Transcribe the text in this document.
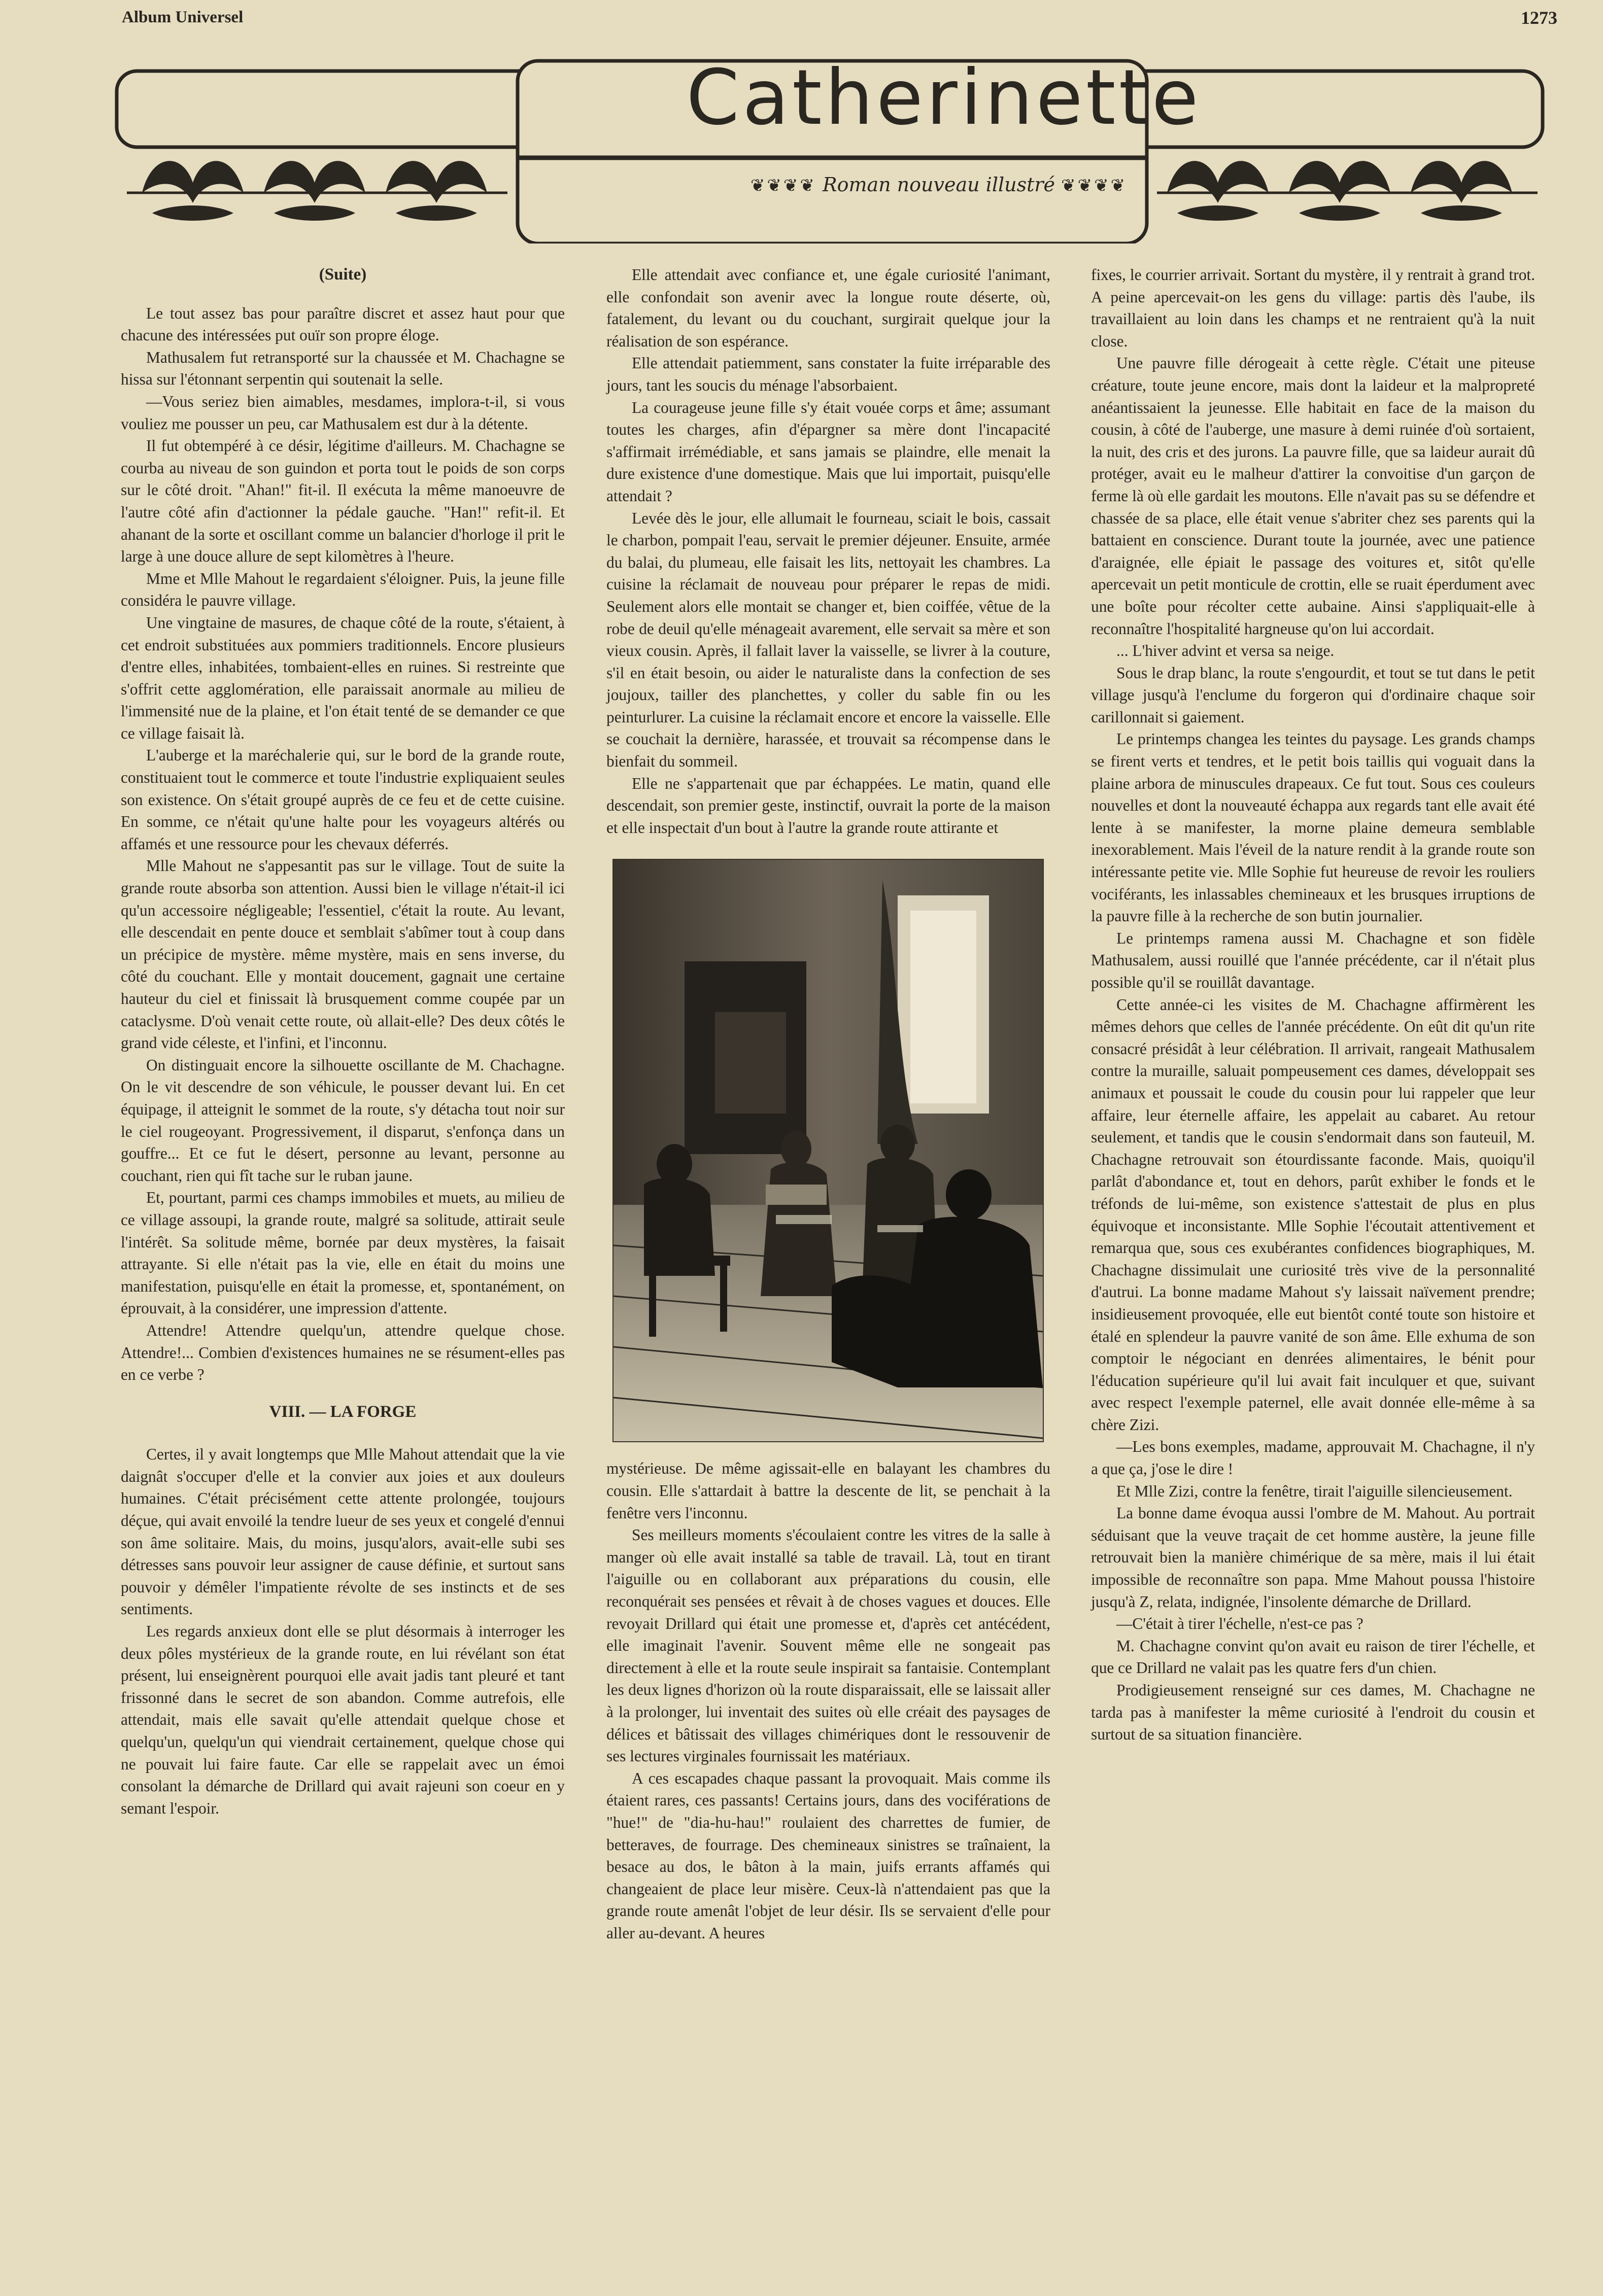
Album Universel	1273
Catherinette
❦❦❦❦ Roman nouveau illustré ❦❦❦❦

(Suite)

Le tout assez bas pour paraître discret et assez haut pour que chacune des intéressées put ouïr son propre éloge.

Mathusalem fut retransporté sur la chaussée et M. Chachagne se hissa sur l'étonnant serpentin qui soutenait la selle.

—Vous seriez bien aimables, mesdames, implora-t-il, si vous vouliez me pousser un peu, car Mathusalem est dur à la détente.

Il fut obtempéré à ce désir, légitime d'ailleurs. M. Chachagne se courba au niveau de son guindon et porta tout le poids de son corps sur le côté droit. "Ahan!" fit-il. Il exécuta la même manoeuvre de l'autre côté afin d'actionner la pédale gauche. "Han!" refit-il. Et ahanant de la sorte et oscillant comme un balancier d'horloge il prit le large à une douce allure de sept kilomètres à l'heure.

Mme et Mlle Mahout le regardaient s'éloigner. Puis, la jeune fille considéra le pauvre village.

Une vingtaine de masures, de chaque côté de la route, s'étaient, à cet endroit substituées aux pommiers traditionnels. Encore plusieurs d'entre elles, inhabitées, tombaient-elles en ruines. Si restreinte que s'offrit cette agglomération, elle paraissait anormale au milieu de l'immensité nue de la plaine, et l'on était tenté de se demander ce que ce village faisait là.

L'auberge et la maréchalerie qui, sur le bord de la grande route, constituaient tout le commerce et toute l'industrie expliquaient seules son existence. On s'était groupé auprès de ce feu et de cette cuisine. En somme, ce n'était qu'une halte pour les voyageurs altérés ou affamés et une ressource pour les chevaux déferrés.

Mlle Mahout ne s'appesantit pas sur le village. Tout de suite la grande route absorba son attention. Aussi bien le village n'était-il ici qu'un accessoire négligeable; l'essentiel, c'était la route. Au levant, elle descendait en pente douce et semblait s'abîmer tout à coup dans un précipice de mystère. même mystère, mais en sens inverse, du côté du couchant. Elle y montait doucement, gagnait une certaine hauteur du ciel et finissait là brusquement comme coupée par un cataclysme. D'où venait cette route, où allait-elle? Des deux côtés le grand vide céleste, et l'infini, et l'inconnu.

On distinguait encore la silhouette oscillante de M. Chachagne. On le vit descendre de son véhicule, le pousser devant lui. En cet équipage, il atteignit le sommet de la route, s'y détacha tout noir sur le ciel rougeoyant. Progressivement, il disparut, s'enfonça dans un gouffre... Et ce fut le désert, personne au levant, personne au couchant, rien qui fît tache sur le ruban jaune.

Et, pourtant, parmi ces champs immobiles et muets, au milieu de ce village assoupi, la grande route, malgré sa solitude, attirait seule l'intérêt. Sa solitude même, bornée par deux mystères, la faisait attrayante. Si elle n'était pas la vie, elle en était du moins une manifestation, puisqu'elle en était la promesse, et, spontanément, on éprouvait, à la considérer, une impression d'attente.

Attendre! Attendre quelqu'un, attendre quelque chose. Attendre!... Combien d'existences humaines ne se résument-elles pas en ce verbe ?

VIII. — LA FORGE

Certes, il y avait longtemps que Mlle Mahout attendait que la vie daignât s'occuper d'elle et la convier aux joies et aux douleurs humaines. C'était précisément cette attente prolongée, toujours déçue, qui avait envoilé la tendre lueur de ses yeux et congelé d'ennui son âme solitaire. Mais, du moins, jusqu'alors, avait-elle subi ses détresses sans pouvoir leur assigner de cause définie, et surtout sans pouvoir y démêler l'impatiente révolte de ses instincts et de ses sentiments.

Les regards anxieux dont elle se plut désormais à interroger les deux pôles mystérieux de la grande route, en lui révélant son état présent, lui enseignèrent pourquoi elle avait jadis tant pleuré et tant frissonné dans le secret de son abandon. Comme autrefois, elle attendait, mais elle savait qu'elle attendait quelque chose et quelqu'un, quelqu'un qui viendrait certainement, quelque chose qui ne pouvait lui faire faute. Car elle se rappelait avec un émoi consolant la démarche de Drillard qui avait rajeuni son coeur en y semant l'espoir.

Elle attendait avec confiance et, une égale curiosité l'animant, elle confondait son avenir avec la longue route déserte, où, fatalement, du levant ou du couchant, surgirait quelque jour la réalisation de son espérance.

Elle attendait patiemment, sans constater la fuite irréparable des jours, tant les soucis du ménage l'absorbaient.

La courageuse jeune fille s'y était vouée corps et âme; assumant toutes les charges, afin d'épargner sa mère dont l'incapacité s'affirmait irrémédiable, et sans jamais se plaindre, elle menait la dure existence d'une domestique. Mais que lui importait, puisqu'elle attendait ?

Levée dès le jour, elle allumait le fourneau, sciait le bois, cassait le charbon, pompait l'eau, servait le premier déjeuner. Ensuite, armée du balai, du plumeau, elle faisait les lits, nettoyait les chambres. La cuisine la réclamait de nouveau pour préparer le repas de midi. Seulement alors elle montait se changer et, bien coiffée, vêtue de la robe de deuil qu'elle ménageait avarement, elle servait sa mère et son vieux cousin. Après, il fallait laver la vaisselle, se livrer à la couture, s'il en était besoin, ou aider le naturaliste dans la confection de ses joujoux, tailler des planchettes, y coller du sable fin ou les peinturlurer. La cuisine la réclamait encore et encore la vaisselle. Elle se couchait la dernière, harassée, et trouvait sa récompense dans le bienfait du sommeil.

Elle ne s'appartenait que par échappées. Le matin, quand elle descendait, son premier geste, instinctif, ouvrait la porte de la maison et elle inspectait d'un bout à l'autre la grande route attirante et

mystérieuse. De même agissait-elle en balayant les chambres du cousin. Elle s'attardait à battre la descente de lit, se penchait à la fenêtre vers l'inconnu.

Ses meilleurs moments s'écoulaient contre les vitres de la salle à manger où elle avait installé sa table de travail. Là, tout en tirant l'aiguille ou en collaborant aux préparations du cousin, elle reconquérait ses pensées et rêvait à de choses vagues et douces. Elle revoyait Drillard qui était une promesse et, d'après cet antécédent, elle imaginait l'avenir. Souvent même elle ne songeait pas directement à elle et la route seule inspirait sa fantaisie. Contemplant les deux lignes d'horizon où la route disparaissait, elle se laissait aller à la prolonger, lui inventait des suites où elle créait des paysages de délices et bâtissait des villages chimériques dont le ressouvenir de ses lectures virginales fournissait les matériaux.

A ces escapades chaque passant la provoquait. Mais comme ils étaient rares, ces passants! Certains jours, dans des vociférations de "hue!" de "dia-hu-hau!" roulaient des charrettes de fumier, de betteraves, de fourrage. Des chemineaux sinistres se traînaient, la besace au dos, le bâton à la main, juifs errants affamés qui changeaient de place leur misère. Ceux-là n'attendaient pas que la grande route amenât l'objet de leur désir. Ils se servaient d'elle pour aller au-devant. A heures

fixes, le courrier arrivait. Sortant du mystère, il y rentrait à grand trot. A peine apercevait-on les gens du village: partis dès l'aube, ils travaillaient au loin dans les champs et ne rentraient qu'à la nuit close.

Une pauvre fille dérogeait à cette règle. C'était une piteuse créature, toute jeune encore, mais dont la laideur et la malpropreté anéantissaient la jeunesse. Elle habitait en face de la maison du cousin, à côté de l'auberge, une masure à demi ruinée d'où sortaient, la nuit, des cris et des jurons. La pauvre fille, que sa laideur aurait dû protéger, avait eu le malheur d'attirer la convoitise d'un garçon de ferme là où elle gardait les moutons. Elle n'avait pas su se défendre et chassée de sa place, elle était venue s'abriter chez ses parents qui la battaient en conscience. Durant toute la journée, avec une patience d'araignée, elle épiait le passage des voitures et, sitôt qu'elle apercevait un petit monticule de crottin, elle se ruait éperdument avec une boîte pour récolter cette aubaine. Ainsi s'appliquait-elle à reconnaître l'hospitalité hargneuse qu'on lui accordait.

... L'hiver advint et versa sa neige.

Sous le drap blanc, la route s'engourdit, et tout se tut dans le petit village jusqu'à l'enclume du forgeron qui d'ordinaire chaque soir carillonnait si gaiement.

Le printemps changea les teintes du paysage. Les grands champs se firent verts et tendres, et le petit bois taillis qui voguait dans la plaine arbora de minuscules drapeaux. Ce fut tout. Sous ces couleurs nouvelles et dont la nouveauté échappa aux regards tant elle avait été lente à se manifester, la morne plaine demeura semblable inexorablement. Mais l'éveil de la nature rendit à la grande route son intéressante petite vie. Mlle Sophie fut heureuse de revoir les rouliers vociférants, les inlassables chemineaux et les brusques irruptions de la pauvre fille à la recherche de son butin journalier.

Le printemps ramena aussi M. Chachagne et son fidèle Mathusalem, aussi rouillé que l'année précédente, car il n'était plus possible qu'il se rouillât davantage.

Cette année-ci les visites de M. Chachagne affirmèrent les mêmes dehors que celles de l'année précédente. On eût dit qu'un rite consacré présidât à leur célébration. Il arrivait, rangeait Mathusalem contre la muraille, saluait pompeusement ces dames, développait ses animaux et poussait le coude du cousin pour lui rappeler que leur affaire, leur éternelle affaire, les appelait au cabaret. Au retour seulement, et tandis que le cousin s'endormait dans son fauteuil, M. Chachagne retrouvait son étourdissante faconde. Mais, quoiqu'il parlât d'abondance et, tout en dehors, parût exhiber le fonds et le tréfonds de lui-même, son existence s'attestait de plus en plus équivoque et inconsistante. Mlle Sophie l'écoutait attentivement et remarqua que, sous ces exubérantes confidences biographiques, M. Chachagne dissimulait une curiosité très vive de la personnalité d'autrui. La bonne madame Mahout s'y laissait naïvement prendre; insidieusement provoquée, elle eut bientôt conté toute son histoire et étalé en splendeur la pauvre vanité de son âme. Elle exhuma de son comptoir le négociant en denrées alimentaires, le bénit pour l'éducation supérieure qu'il lui avait fait inculquer et que, suivant avec respect l'exemple paternel, elle avait donnée elle-même à sa chère Zizi.

—Les bons exemples, madame, approuvait M. Chachagne, il n'y a que ça, j'ose le dire !

Et Mlle Zizi, contre la fenêtre, tirait l'aiguille silencieusement.

La bonne dame évoqua aussi l'ombre de M. Mahout. Au portrait séduisant que la veuve traçait de cet homme austère, la jeune fille retrouvait bien la manière chimérique de sa mère, mais il lui était impossible de reconnaître son papa. Mme Mahout poussa l'histoire jusqu'à Z, relata, indignée, l'insolente démarche de Drillard.

—C'était à tirer l'échelle, n'est-ce pas ?

M. Chachagne convint qu'on avait eu raison de tirer l'échelle, et que ce Drillard ne valait pas les quatre fers d'un chien.

Prodigieusement renseigné sur ces dames, M. Chachagne ne tarda pas à manifester la même curiosité à l'endroit du cousin et surtout de sa situation financière.
